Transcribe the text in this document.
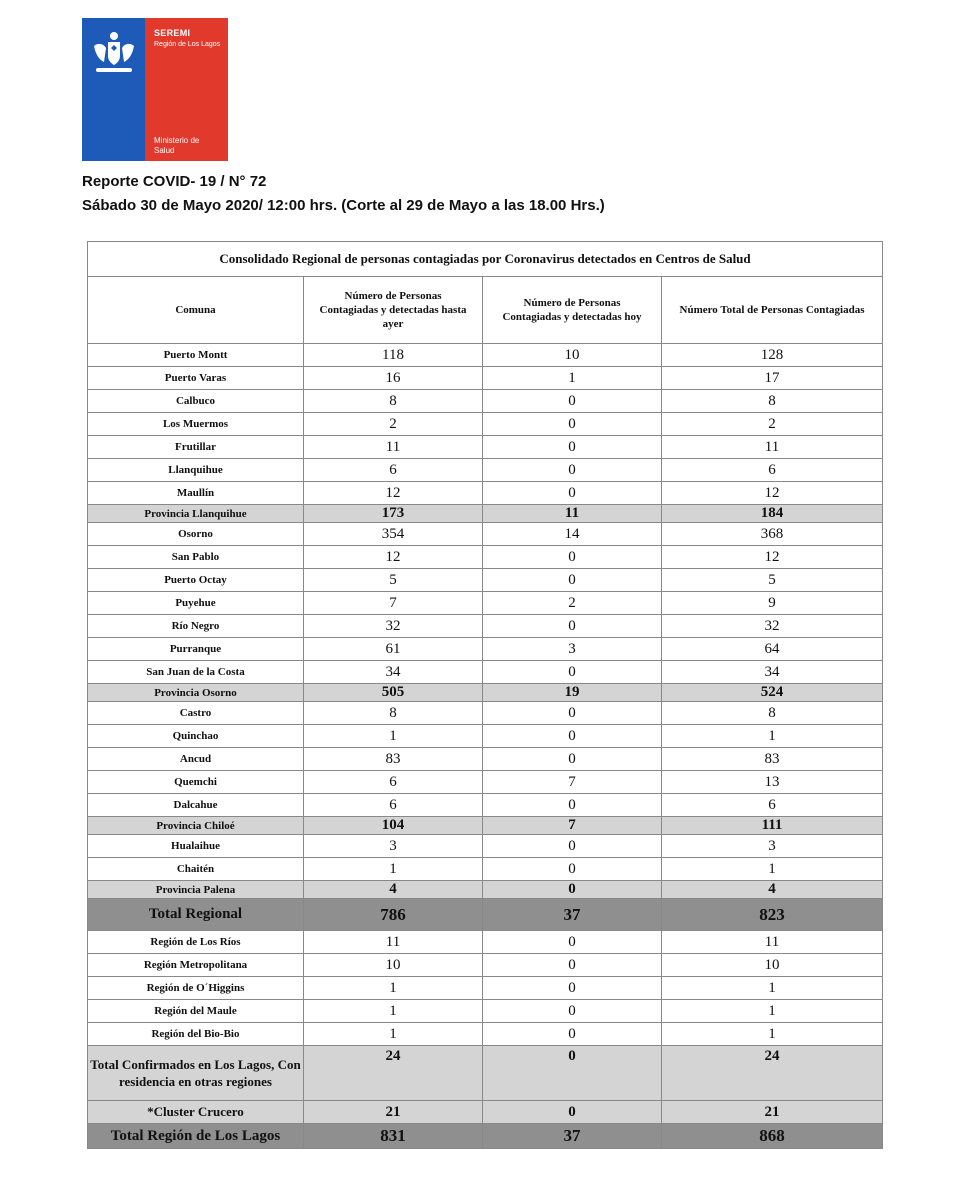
SEREMI
Región de Los Lagos
Ministerio de
Salud
Reporte COVID- 19 / N° 72
Sábado 30 de Mayo 2020/ 12:00 hrs. (Corte al 29 de Mayo a las 18.00 Hrs.)
Consolidado Regional de personas contagiadas por Coronavirus detectados en Centros de Salud			
Comuna	Número de Personas Contagiadas y detectadas hasta ayer	Número de Personas Contagiadas y detectadas hoy	Número Total de Personas Contagiadas
Puerto Montt	118	10	128
Puerto Varas	16	1	17
Calbuco	8	0	8
Los Muermos	2	0	2
Frutillar	11	0	11
Llanquihue	6	0	6
Maullín	12	0	12
Provincia Llanquihue	173	11	184
Osorno	354	14	368
San Pablo	12	0	12
Puerto Octay	5	0	5
Puyehue	7	2	9
Río Negro	32	0	32
Purranque	61	3	64
San Juan de la Costa	34	0	34
Provincia Osorno	505	19	524
Castro	8	0	8
Quinchao	1	0	1
Ancud	83	0	83
Quemchi	6	7	13
Dalcahue	6	0	6
Provincia Chiloé	104	7	111
Hualaihue	3	0	3
Chaitén	1	0	1
Provincia Palena	4	0	4
Total Regional	786	37	823
Región de Los Ríos	11	0	11
Región Metropolitana	10	0	10
Región de O´Higgins	1	0	1
Región del Maule	1	0	1
Región del Bio-Bio	1	0	1
Total Confirmados en Los Lagos, Con residencia en otras regiones	24	0	24
*Cluster Crucero	21	0	21
Total Región de Los Lagos	831	37	868
